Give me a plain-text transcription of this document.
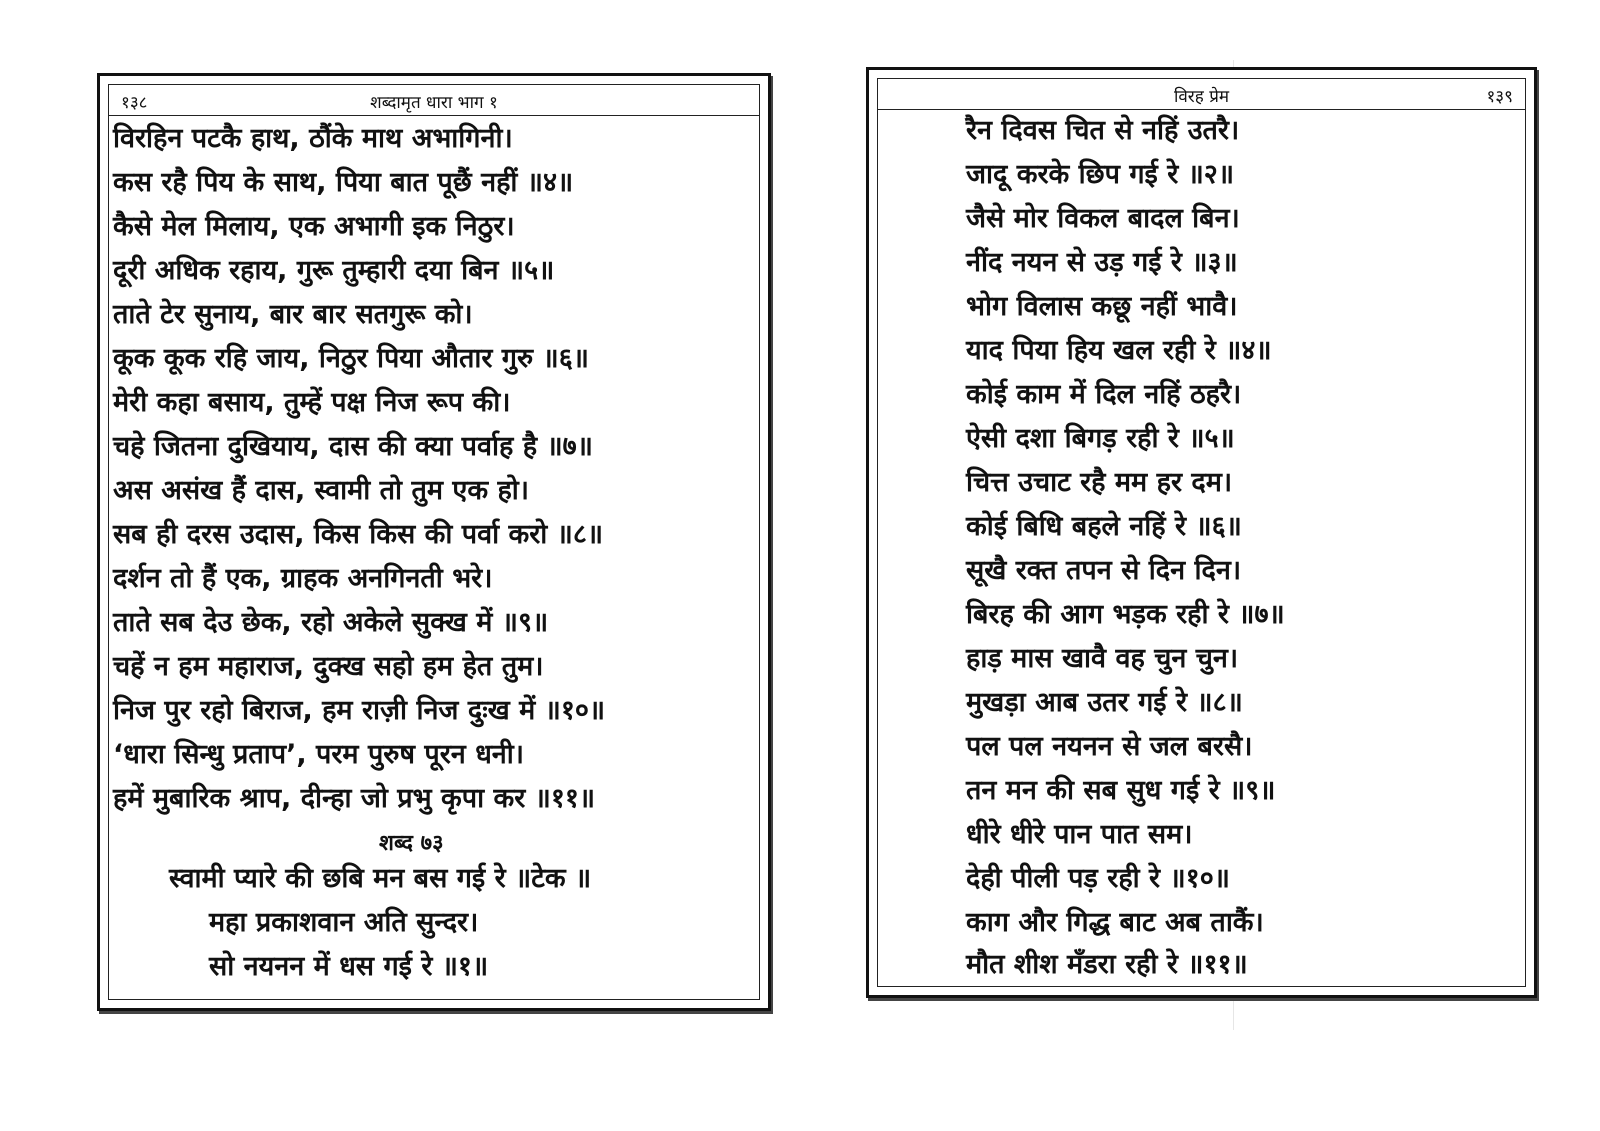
शब्दामृत धारा भाग १
१३८
विरहिन पटकै हाथ, ठौंके माथ अभागिनी।
कस रहै पिय के साथ, पिया बात पूछैं नहीं ॥४॥
कैसे मेल मिलाय, एक अभागी इक निठुर।
दूरी अधिक रहाय, गुरू तुम्हारी दया बिन ॥५॥
ताते टेर सुनाय, बार बार सतगुरू को।
कूक कूक रहि जाय, निठुर पिया औतार गुरु ॥६॥
मेरी कहा बसाय, तुम्हें पक्ष निज रूप की।
चहे जितना दुखियाय, दास की क्या पर्वाह है ॥७॥
अस असंख हैं दास, स्वामी तो तुम एक हो।
सब ही दरस उदास, किस किस की पर्वा करो ॥८॥
दर्शन तो हैं एक, ग्राहक अनगिनती भरे।
ताते सब देउ छेक, रहो अकेले सुक्ख में ॥९॥
चहें न हम महाराज, दुक्ख सहो हम हेत तुम।
निज पुर रहो बिराज, हम राज़ी निज दुःख में ॥१०॥
‘धारा सिन्धु प्रताप’, परम पुरुष पूरन धनी।
हमें मुबारिक श्राप, दीन्हा जो प्रभु कृपा कर ॥११॥
शब्द ७३
स्वामी प्यारे की छबि मन बस गई रे ॥टेक ॥
महा प्रकाशवान अति सुन्दर।
सो नयनन में धस गई रे ॥१॥
विरह प्रेम	१३९
रैन दिवस चित से नहिं उतरै।
जादू करके छिप गई रे ॥२॥
जैसे मोर विकल बादल बिन।
नींद नयन से उड़ गई रे ॥३॥
भोग विलास कछू नहीं भावै।
याद पिया हिय खल रही रे ॥४॥
कोई काम में दिल नहिं ठहरै।
ऐसी दशा बिगड़ रही रे ॥५॥
चित्त उचाट रहै मम हर दम।
कोई बिधि बहले नहिं रे ॥६॥
सूखै रक्त तपन से दिन दिन।
बिरह की आग भड़क रही रे ॥७॥
हाड़ मास खावै वह चुन चुन।
मुखड़ा आब उतर गई रे ॥८॥
पल पल नयनन से जल बरसै।
तन मन की सब सुध गई रे ॥९॥
धीरे धीरे पान पात सम।
देही पीली पड़ रही रे ॥१०॥
काग और गिद्ध बाट अब ताकैं।
मौत शीश मँडरा रही रे ॥११॥
